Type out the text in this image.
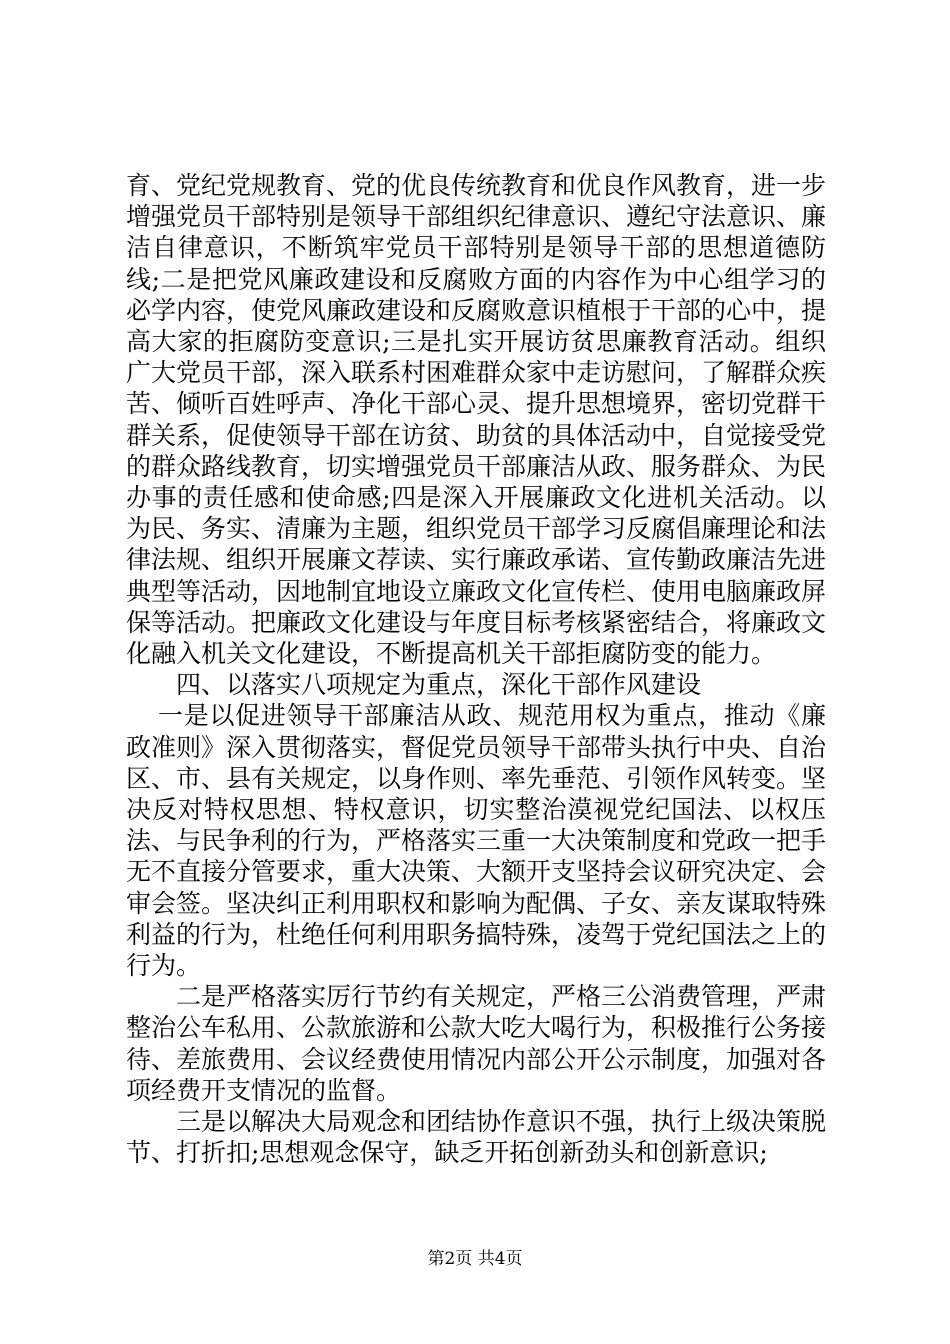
育、党纪党规教育、党的优良传统教育和优良作风教育，进一步增强党员干部特别是领导干部组织纪律意识、遵纪守法意识、廉洁自律意识，不断筑牢党员干部特别是领导干部的思想道德防线;二是把党风廉政建设和反腐败方面的内容作为中心组学习的必学内容，使党风廉政建设和反腐败意识植根于干部的心中，提高大家的拒腐防变意识;三是扎实开展访贫思廉教育活动。组织广大党员干部，深入联系村困难群众家中走访慰问，了解群众疾苦、倾听百姓呼声、净化干部心灵、提升思想境界，密切党群干群关系，促使领导干部在访贫、助贫的具体活动中，自觉接受党的群众路线教育，切实增强党员干部廉洁从政、服务群众、为民办事的责任感和使命感;四是深入开展廉政文化进机关活动。以为民、务实、清廉为主题，组织党员干部学习反腐倡廉理论和法律法规、组织开展廉文荐读、实行廉政承诺、宣传勤政廉洁先进典型等活动，因地制宜地设立廉政文化宣传栏、使用电脑廉政屏保等活动。把廉政文化建设与年度目标考核紧密结合，将廉政文化融入机关文化建设，不断提高机关干部拒腐防变的能力。

四、以落实八项规定为重点，深化干部作风建设

一是以促进领导干部廉洁从政、规范用权为重点，推动《廉政准则》深入贯彻落实，督促党员领导干部带头执行中央、自治区、市、县有关规定，以身作则、率先垂范、引领作风转变。坚决反对特权思想、特权意识，切实整治漠视党纪国法、以权压法、与民争利的行为，严格落实三重一大决策制度和党政一把手无不直接分管要求，重大决策、大额开支坚持会议研究决定、会审会签。坚决纠正利用职权和影响为配偶、子女、亲友谋取特殊利益的行为，杜绝任何利用职务搞特殊，凌驾于党纪国法之上的行为。

二是严格落实厉行节约有关规定，严格三公消费管理，严肃整治公车私用、公款旅游和公款大吃大喝行为，积极推行公务接待、差旅费用、会议经费使用情况内部公开公示制度，加强对各项经费开支情况的监督。

三是以解决大局观念和团结协作意识不强，执行上级决策脱节、打折扣;思想观念保守，缺乏开拓创新劲头和创新意识;

第2页 共4页
